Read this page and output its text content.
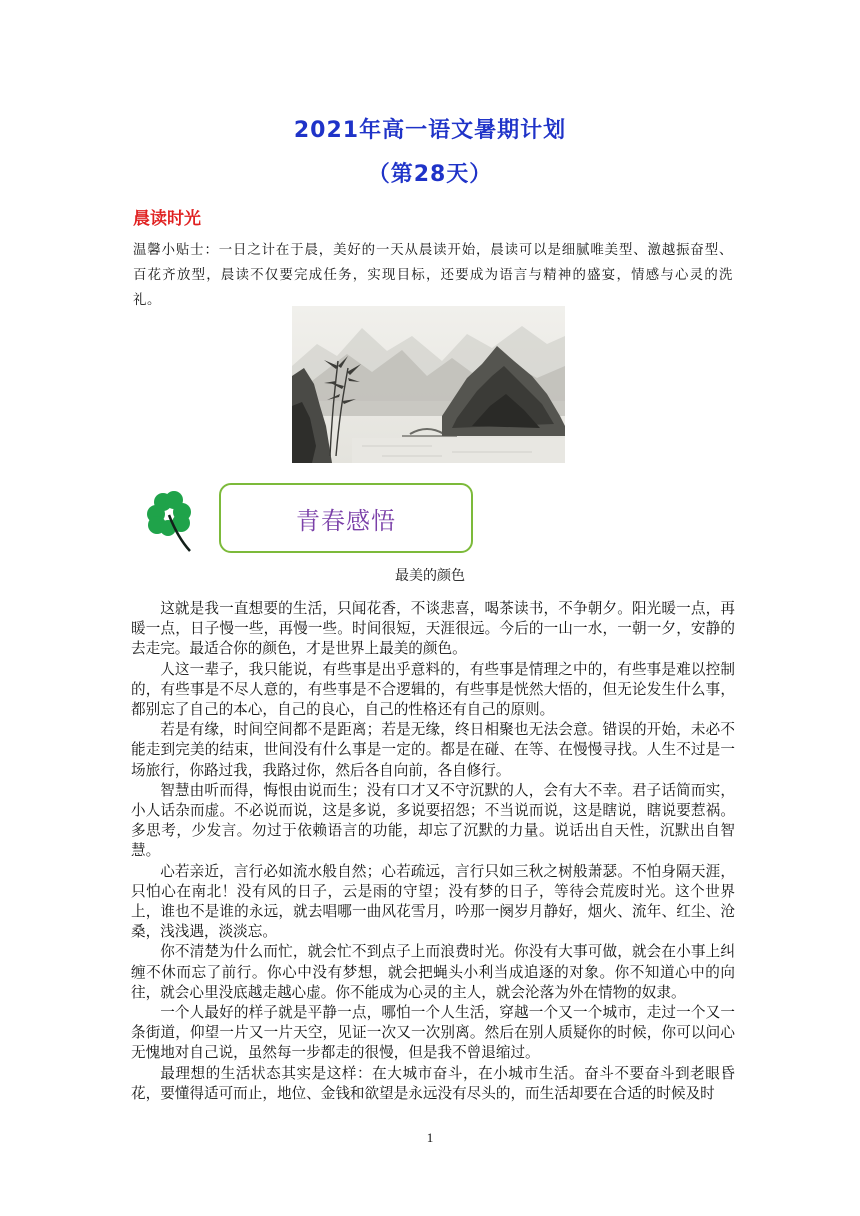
2021年高一语文暑期计划
（第28天）
晨读时光
温馨小贴士：一日之计在于晨，美好的一天从晨读开始，晨读可以是细腻唯美型、激越振奋型、百花齐放型，晨读不仅要完成任务，实现目标，还要成为语言与精神的盛宴，情感与心灵的洗礼。
青春感悟
最美的颜色

这就是我一直想要的生活，只闻花香，不谈悲喜，喝茶读书，不争朝夕。阳光暖一点，再暖一点，日子慢一些，再慢一些。时间很短，天涯很远。今后的一山一水，一朝一夕，安静的去走完。最适合你的颜色，才是世界上最美的颜色。

人这一辈子，我只能说，有些事是出乎意料的，有些事是情理之中的，有些事是难以控制的，有些事是不尽人意的，有些事是不合逻辑的，有些事是恍然大悟的，但无论发生什么事，都别忘了自己的本心，自己的良心，自己的性格还有自己的原则。

若是有缘，时间空间都不是距离；若是无缘，终日相聚也无法会意。错误的开始，未必不能走到完美的结束，世间没有什么事是一定的。都是在碰、在等、在慢慢寻找。人生不过是一场旅行，你路过我，我路过你，然后各自向前，各自修行。

智慧由听而得，悔恨由说而生；没有口才又不守沉默的人，会有大不幸。君子话简而实，小人话杂而虚。不必说而说，这是多说，多说要招怨；不当说而说，这是瞎说，瞎说要惹祸。多思考，少发言。勿过于依赖语言的功能，却忘了沉默的力量。说话出自天性，沉默出自智慧。

心若亲近，言行必如流水般自然；心若疏远，言行只如三秋之树般萧瑟。不怕身隔天涯，只怕心在南北！没有风的日子，云是雨的守望；没有梦的日子，等待会荒废时光。这个世界上，谁也不是谁的永远，就去唱哪一曲风花雪月，吟那一阕岁月静好，烟火、流年、红尘、沧桑，浅浅遇，淡淡忘。

你不清楚为什么而忙，就会忙不到点子上而浪费时光。你没有大事可做，就会在小事上纠缠不休而忘了前行。你心中没有梦想，就会把蝇头小利当成追逐的对象。你不知道心中的向往，就会心里没底越走越心虚。你不能成为心灵的主人，就会沦落为外在情物的奴隶。

一个人最好的样子就是平静一点，哪怕一个人生活，穿越一个又一个城市，走过一个又一条街道，仰望一片又一片天空，见证一次又一次别离。然后在别人质疑你的时候，你可以问心无愧地对自己说，虽然每一步都走的很慢，但是我不曾退缩过。

最理想的生活状态其实是这样：在大城市奋斗，在小城市生活。奋斗不要奋斗到老眼昏花，要懂得适可而止，地位、金钱和欲望是永远没有尽头的，而生活却要在合适的时候及时

1
